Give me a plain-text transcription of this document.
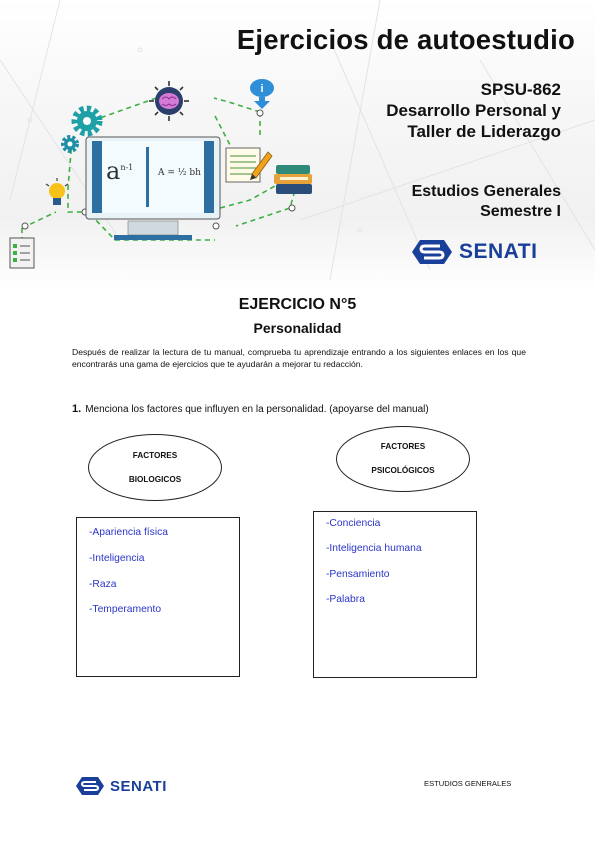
$a^{n-1}$
A = ½ bh
i
Ejercicios de autoestudio
SPSU-862
Desarrollo Personal y
Taller de Liderazgo
Estudios Generales
Semestre I
SENATI
EJERCICIO N°5
Personalidad
Después de realizar la lectura de tu manual, comprueba tu aprendizaje entrando a los siguientes enlaces en los que encontrarás una gama de ejercicios que te ayudarán a mejorar tu redacción.
1. Menciona los factores que influyen en la personalidad. (apoyarse del manual)
FACTORES
BIOLOGICOS
FACTORES
PSICOLÓGICOS
-Apariencia física
-Inteligencia
-Raza
-Temperamento
-Conciencia
-Inteligencia humana
-Pensamiento
-Palabra
SENATI	ESTUDIOS GENERALES
